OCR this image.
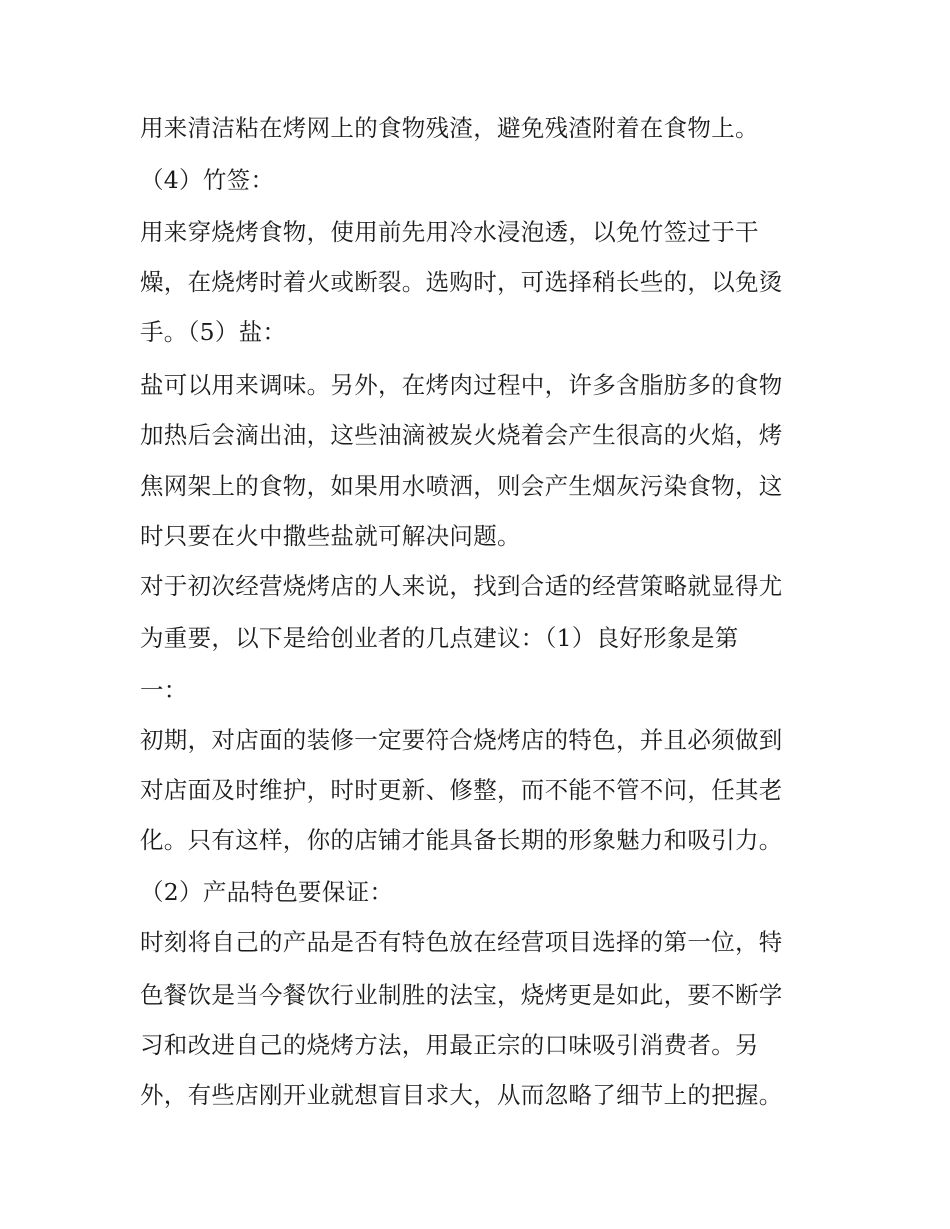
用来清洁粘在烤网上的食物残渣，避免残渣附着在食物上。
（4）竹签：
用来穿烧烤食物，使用前先用冷水浸泡透，以免竹签过于干
燥，在烧烤时着火或断裂。选购时，可选择稍长些的，以免烫
手。（5）盐：
盐可以用来调味。另外，在烤肉过程中，许多含脂肪多的食物
加热后会滴出油，这些油滴被炭火烧着会产生很高的火焰，烤
焦网架上的食物，如果用水喷洒，则会产生烟灰污染食物，这
时只要在火中撒些盐就可解决问题。
对于初次经营烧烤店的人来说，找到合适的经营策略就显得尤
为重要，以下是给创业者的几点建议：（1）良好形象是第
一：
初期，对店面的装修一定要符合烧烤店的特色，并且必须做到
对店面及时维护，时时更新、修整，而不能不管不问，任其老
化。只有这样，你的店铺才能具备长期的形象魅力和吸引力。
（2）产品特色要保证：
时刻将自己的产品是否有特色放在经营项目选择的第一位，特
色餐饮是当今餐饮行业制胜的法宝，烧烤更是如此，要不断学
习和改进自己的烧烤方法，用最正宗的口味吸引消费者。另
外，有些店刚开业就想盲目求大，从而忽略了细节上的把握。
